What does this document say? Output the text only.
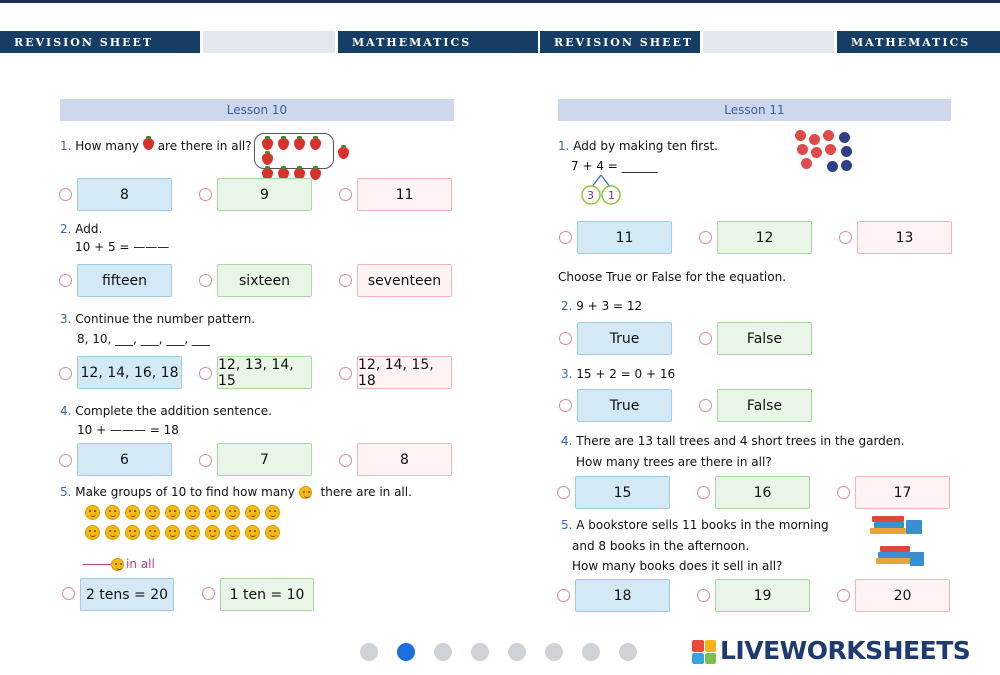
REVISION SHEET	MATHEMATICS	REVISION SHEET	MATHEMATICS
Lesson 10
1. How many are there in all?

8	9	11
2. Add.
10 + 5 = ———
fifteen	sixteen	seventeen
3. Continue the number pattern.
8, 10, ___, ___, ___, ___
12, 14, 16, 18	12, 13, 14, 15
12, 14, 15, 18
4. Complete the addition sentence.
10 + ——— = 18
6	7	8
5. Make groups of 10 to find how many there are in all.

in all
2 tens = 20	1 ten = 10
Lesson 11
1. Add by making ten first.
7 + 4 = ______
3 1
11	12	13
Choose True or False for the equation.
2. 9 + 3 = 12
True	False
3. 15 + 2 = 0 + 16
True	False
4. There are 13 tall trees and 4 short trees in the garden.
How many trees are there in all?
15	16	17
5. A bookstore sells 11 books in the morning
and 8 books in the afternoon.
How many books does it sell in all?
18	19	20
LIVEWORKSHEETS
